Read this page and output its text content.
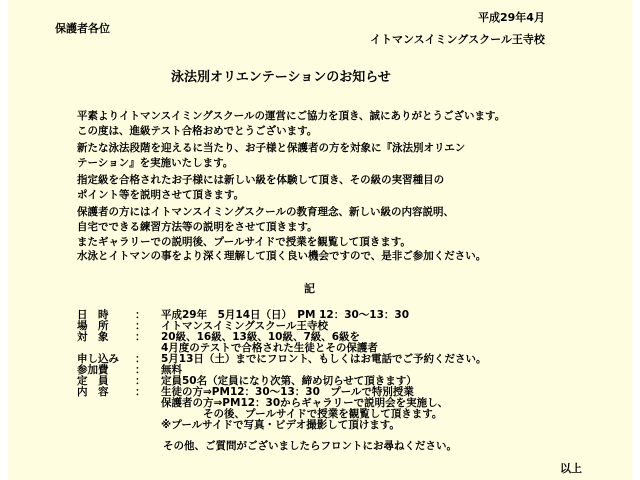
平成29年4月
保護者各位
イトマンスイミングスクール王寺校
泳法別オリエンテーションのお知らせ
平素よりイトマンスイミングスクールの運営にご協力を頂き、誠にありがとうございます。
この度は、進級テスト合格おめでとうございます。
新たな泳法段階を迎えるに当たり、お子様と保護者の方を対象に『泳法別オリエン
テーション』を実施いたします。
指定級を合格されたお子様には新しい級を体験して頂き、その級の実習種目の
ポイント等を説明させて頂きます。
保護者の方にはイトマンスイミングスクールの教育理念、新しい級の内容説明、
自宅でできる練習方法等の説明をさせて頂きます。
またギャラリーでの説明後、プールサイドで授業を観覧して頂きます。
水泳とイトマンの事をより深く理解して頂く良い機会ですので、是非ご参加ください。
記
日　時	：	平成29年　5月14日（日）　PM 12：30～13：30
場　所	：	イトマンスイミングスクール王寺校
対　象	：	20級、16級、13級、10級、7級、6級を
4月度のテストで合格された生徒とその保護者
申し込み	：	5月13日（土）までにフロント、もしくはお電話でご予約ください。
参加費	：	無料
定　員	：	定員50名（定員になり次第、締め切らせて頂きます）
内　容	：	生徒の方⇒PM12：30～13：30　プールで特別授業
保護者の方⇒PM12：30からギャラリーで説明会を実施し、
　　　　その後、プールサイドで授業を観覧して頂きます。
※プールサイドで写真・ビデオ撮影して頂けます。
その他、ご質問がございましたらフロントにお尋ねください。
以上
